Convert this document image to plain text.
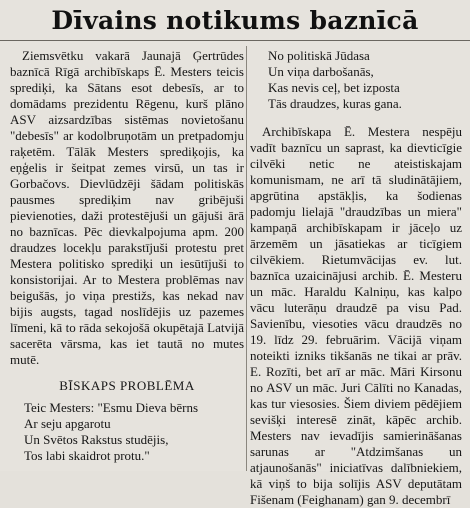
Dīvains notikums baznīcā

Ziemsvētku vakarā Jaunajā Ģertrūdes baznīcā Rīgā archibīskaps Ē. Mesters teicis sprediķi, ka Sātans esot debesīs, ar to domādams prezidentu Rēgenu, kurš plāno ASV aizsardzības sistēmas novietošanu "debesīs" ar kodolbruņotām un pretpadomju raķetēm. Tālāk Mesters sprediķojis, ka eņģelis ir šeitpat zemes virsū, un tas ir Gorbačovs. Dievlūdzēji šādam politiskās pausmes sprediķim nav gribējuši pievienoties, daži protestējuši un gājuši ārā no baznīcas. Pēc dievkalpojuma apm. 200 draudzes locekļu parakstījuši protestu pret Mestera politisko sprediķi un iesūtījuši to konsistorijai. Ar to Mestera problēmas nav beigušās, jo viņa prestižs, kas nekad nav bijis augsts, tagad noslīdējis uz pazemes līmeni, kā to rāda sekojošā okupētajā Latvijā sacerēta vārsma, kas iet tautā no mutes mutē.

BĪSKAPS PROBLĒMA
Teic Mesters: "Esmu Dieva bērns
Ar seju apgarotu
Un Svētos Rakstus studējis,
Tos labi skaidrot protu."
No politiskā Jūdasa
Un viņa darbošanās,
Kas nevis ceļ, bet izposta
Tās draudzes, kuras gana.

Archibīskapa Ē. Mestera nespēju vadīt baznīcu un saprast, ka dievticīgie cilvēki netic ne ateistiskajam komunismam, ne arī tā sludinātājiem, apgrūtina apstākļis, ka šodienas padomju lielajā "draudzības un miera" kampaņā archibīskapam ir jāceļo uz ārzemēm un jāsatiekas ar ticīgiem cilvēkiem. Rietumvācijas ev. lut. baznīca uzaicinājusi archib. Ē. Mesteru un māc. Haraldu Kalniņu, kas kalpo vācu luterāņu draudzē pa visu Pad. Savienību, viesoties vācu draudzēs no 19. līdz 29. februārim. Vācijā viņam noteikti izniks tikšanās ne tikai ar prāv. E. Rozīti, bet arī ar māc. Māri Kirsonu no ASV un māc. Juri Cālīti no Kanadas, kas tur viesosies. Šiem diviem pēdējiem sevišķi interesē zināt, kāpēc archib. Mesters nav ievadījis samierināšanas sarunas ar "Atdzimšanas un atjaunošanās" iniciatīvas dalībniekiem, kā viņš to bija solījis ASV deputātam Fišenam (Feighanam) gan 9. decembrī
